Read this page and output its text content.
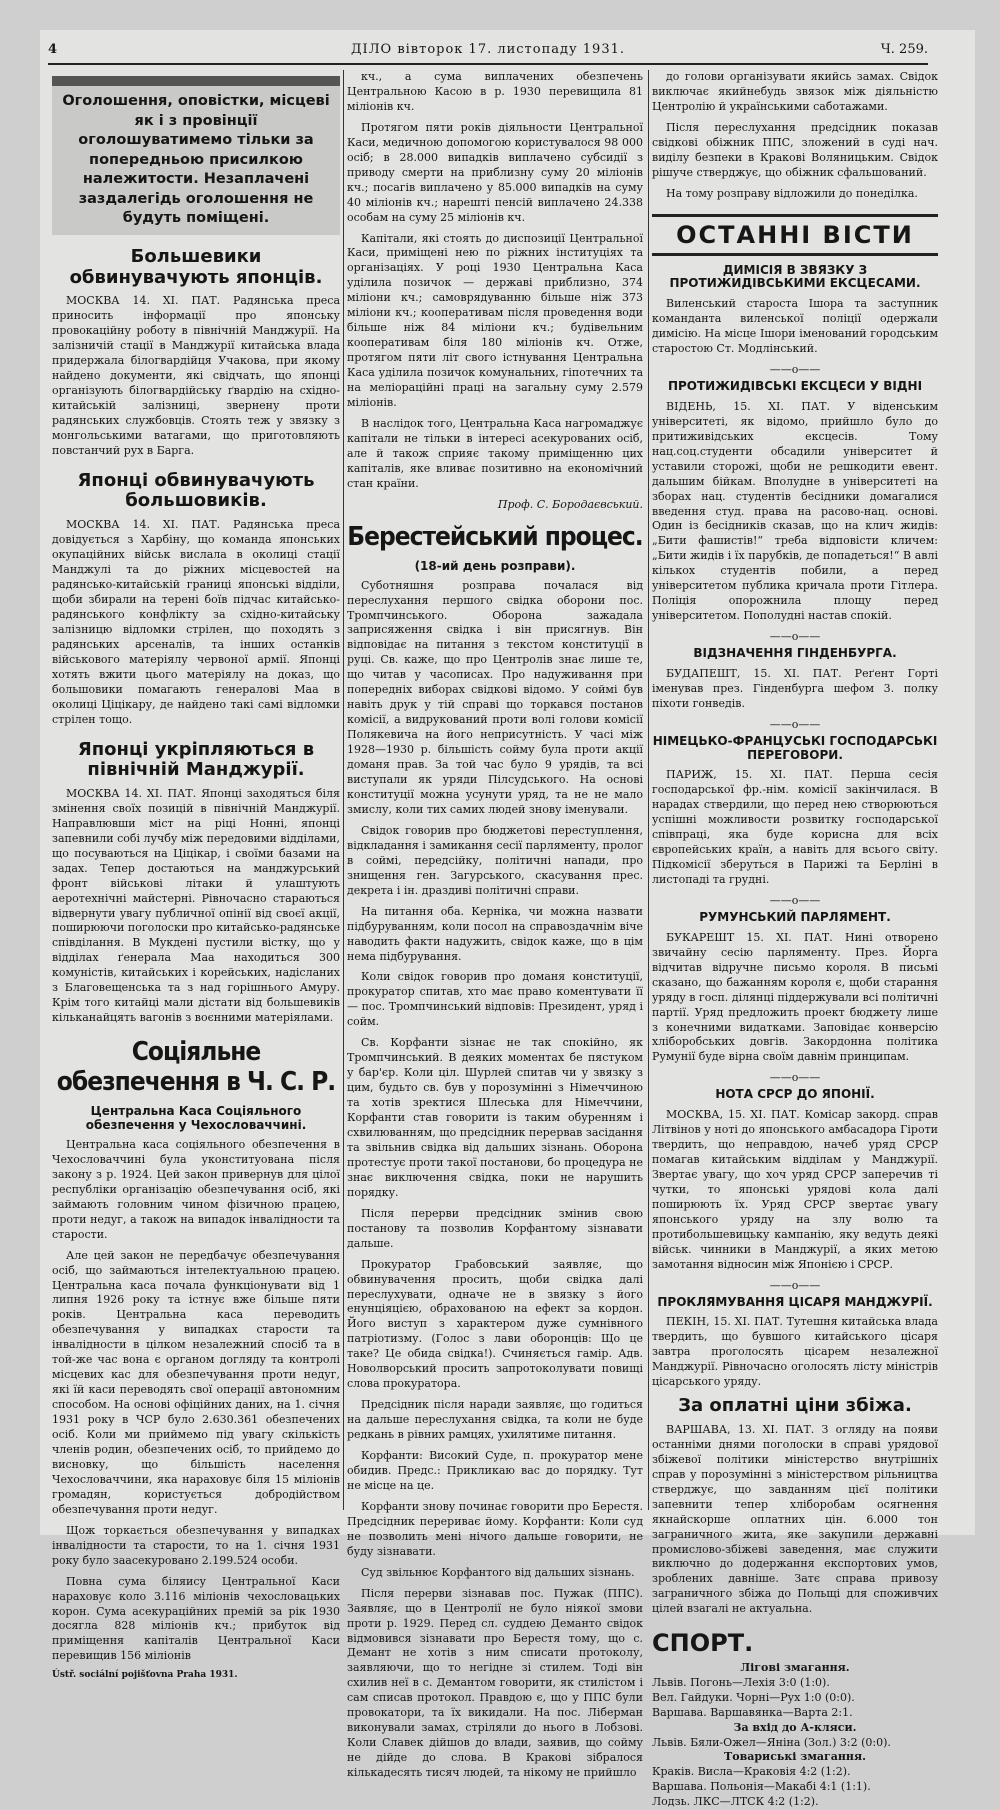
4	ДІЛО вівторок 17. листопаду 1931.	Ч. 259.
Оголошення, оповістки, місцеві як і з провінції оголошуватимемо тільки за попередньою присилкою належитости. Незаплачені заздалегідь оголошення не будуть поміщені.
Большевики обвинувачують японців.

МОСКВА 14. XI. ПАТ. Радянська преса приносить інформації про японську провокаційну роботу в північній Манджурії. На залізничій стації в Манджурії китайська влада придержала білогвардійця Учакова, при якому найдено документи, які свідчать, що японці організують білогвардійську ґвардію на східно-китайській залізниці, звернену проти радянських службовців. Стоять теж у звязку з монгольськими ватагами, що приготовляють повстанчий рух в Барга.

Японці обвинувачують большовиків.

МОСКВА 14. XI. ПАТ. Радянська преса довідується з Харбіну, що команда японських окупаційних військ вислала в околиці стації Манджулі та до ріжних місцевостей на радянсько-китайській границі японські відділи, щоби збирали на терені боїв підчас китайсько-радянського конфлікту за східно-китайську залізницю відломки стрілен, що походять з радянських арсеналів, та інших останків військового матеріялу червоної армії. Японці хотять вжити цього матеріялу на доказ, що большовики помагають генералові Маа в околиці Ціцікару, де найдено такі самі відломки стрілен тощо.

Японці укріпляються в північній Манджурії.

МОСКВА 14. XI. ПАТ. Японці заходяться біля змінення своїх позицій в північній Манджурії. Направлювши міст на ріці Нонні, японці запевнили собі лучбу між передовими відділами, що посуваються на Ціцікар, і своїми базами на задах. Тепер достаються на манджурський фронт військові літаки й улаштують аеротехнічні майстерні. Рівночасно стараються відвернути увагу публичної опінії від своєї акції, поширюючи поголоски про китайсько-радянське співділання. В Мукдені пустили вістку, що у відділах ґенерала Маа находиться 300 комуністів, китайських і корейських, надісланих з Благовещенська та з над горішнього Амуру. Крім того китайці мали дістати від большевиків кільканайцять вагонів з воєнними матеріялами.

Соціяльне обезпечення в Ч. С. Р.
Центральна Каса Соціяльного обезпечення у Чехословаччині.

Центральна каса соціяльного обезпечення в Чехословаччині була уконституована після закону з р. 1924. Цей закон привернув для цілої республіки організацію обезпечування осіб, які займають головним чином фізичною працею, проти недуг, а також на випадок інвалідности та старости.

Але цей закон не передбачує обезпечування осіб, що займаються інтелектуальною працею. Центральна каса почала функціонувати від 1 липня 1926 року та істнує вже більше пяти років. Центральна каса переводить обезпечування у випадках старости та інвалідности в цілком незалежний спосіб та в той-же час вона є органом догляду та контролі місцевих кас для обезпечування проти недуг, які їй каси переводять свої операції автономним способом. На основі офіційних даних, на 1. січня 1931 року в ЧСР було 2.630.361 обезпечених осіб. Коли ми приймемо під увагу скількість членів родин, обезпечених осіб, то прийдемо до висновку, що більшість населення Чехословаччини, яка нараховує біля 15 міліонів громадян, користується добродійством обезпечування проти недуг.

Щож торкається обезпечування у випадках інвалідности та старости, то на 1. січня 1931 року було заасекуровано 2.199.524 особи.

Повна сума біляису Центральної Каси нараховує коло 3.116 міліонів чехословацьких корон. Сума асекураційних премій за рік 1930 досягла 828 міліонів кч.; прибуток від приміщення капіталів Центральної Каси перевищив 156 міліонів

Ústř. sociální pojišťovna Praha 1931.

кч., а сума виплачених обезпечень Центральною Касою в р. 1930 перевищила 81 міліонів кч.

Протягом пяти років діяльности Центральної Каси, медичною допомогою користувалося 98 000 осіб; в 28.000 випадків виплачено субсидії з приводу смерти на приблизну суму 20 міліонів кч.; посагів виплачено у 85.000 випадків на суму 40 міліонів кч.; нарешті пенсій виплачено 24.338 особам на суму 25 міліонів кч.

Капітали, які стоять до диспозиції Центральної Каси, приміщені нею по ріжних інституціях та організаціях. У році 1930 Центральна Каса уділила позичок — державі приблизно, 374 міліони кч.; самоврядуванню більше ніж 373 міліони кч.; кооперативам після проведення води більше ніж 84 міліони кч.; будівельним кооперативам біля 180 міліонів кч. Отже, протягом пяти літ свого істнування Центральна Каса уділила позичок комунальних, гіпотечних та на меліораційні праці на загальну суму 2.579 міліонів.

В наслідок того, Центральна Каса нагромаджує капітали не тільки в інтересі асекурованих осіб, але й також сприяє такому приміщенню цих капіталів, яке вливає позитивно на економічний стан країни.

Проф. С. Бородаєвський.
Берестейський процес.
(18-ий день розправи).

Суботняшня розправа почалася від переслухання першого свідка оборони пос. Тромпчинського. Оборона зажадала заприсяження свідка і він присягнув. Він відповідає на питання з текстом конституції в руці. Св. каже, що про Центролів знає лише те, що читав у часописах. Про надуживання при попередніх виборах свідкові відомо. У соймі був навіть друк у тій справі що торкався постанов комісії, а видрукований проти волі голови комісії Полякевича на його неприсутність. У часі між 1928—1930 р. більшість сойму була проти акції доманя прав. За той час було 9 урядів, та всі виступали як уряди Пілсудського. На основі конституції можна усунути уряд, та не не мало змислу, коли тих самих людей знову іменували.

Свідок говорив про бюджетові переступлення, відкладання і замикання сесії парляменту, пролог в соймі, передсійку, політичні напади, про знищення ген. Загурського, скасування прес. декрета і ін. драздиві політичні справи.

На питання оба. Керніка, чи можна назвати підбуруванням, коли посол на справоздачнім віче наводить факти надужить, свідок каже, що в цім нема підбурування.

Коли свідок говорив про доманя конституції, прокуратор спитав, хто має право коментувати її — пос. Тромпчинський відповів: Президент, уряд і сойм.

Св. Корфанти зізнає не так спокійно, як Тромпчинський. В деяких моментах бе пястуком у бар'єр. Коли ціл. Шурлей спитав чи у звязку з цим, будьто св. був у порозумінні з Німеччиною та хотів зректися Шлеська для Німеччини, Корфанти став говорити із таким обуренням і схвилюванням, що предсідник перервав засідання та звільнив свідка від дальших зізнань. Оборона протестує проти такої постанови, бо процедура не знає виключення свідка, поки не нарушить порядку.

Після перерви предсідник змінив свою постанову та позволив Корфантому зізнавати дальше.

Прокуратор Грабовський заявляє, що обвинувачення просить, щоби свідка далі переслухувати, одначе не в звязку з його енунціяцією, обрахованою на ефект за кордон. Його виступ з характером дуже сумнівного патріотизму. (Голос з лави оборонців: Що це таке? Це обида свідка!). Счиняється гамір. Адв. Новолворський просить запротоколувати повищі слова прокуратора.

Предсідник після наради заявляє, що годиться на дальше переслухання свідка, та коли не буде редкань в рівних рамцях, ухилятиме питання.

Корфанти: Високий Суде, п. прокуратор мене обидив. Предс.: Прикликаю вас до порядку. Тут не місце на це.

Корфанти знову починає говорити про Берестя. Предсідник перериває йому. Корфанти: Коли суд не позволить мені нічого дальше говорити, не буду зізнавати.

Суд звільнює Корфантого від дальших зізнань.

Після перерви зізнавав пос. Пужак (ППС). Заявляє, що в Центролії не було ніякої змови проти р. 1929. Перед сл. суддею Деманто свідок відмовився зізнавати про Берестя тому, що с. Демант не хотів з ним списати протоколу, заявляючи, що то негідне зі стилем. Тоді він схилив неї в с. Демантом говорити, як стилістом і сам списав протокол. Правдою є, що у ППС були провокатори, та їх викидали. На пос. Ліберман виконували замах, стріляли до нього в Лобзові. Коли Славек дійшов до влади, заявив, що сойму не дійде до слова. В Кракові зібралося кількадесять тисяч людей, та нікому не прийшло

до голови організувати якийсь замах. Свідок виключає якийнебудь звязок між діяльністю Центролію й українськими саботажами.

Після переслухання предсідник показав свідкові обіжник ППС, зложений в суді нач. виділу безпеки в Кракові Воляницьким. Свідок рішуче стверджує, що обіжник сфальшований.

На тому розправу відложили до понеділка.

ОСТАННІ ВІСТИ
ДИМІСІЯ В ЗВЯЗКУ З ПРОТИЖИДІВСЬКИМИ ЕКСЦЕСАМИ.

Виленський староста Ішора та заступник команданта виленської поліції одержали димісію. На місце Ішори іменований городським старостою Ст. Модлінський.

——o——
ПРОТИЖИДІВСЬКІ ЕКСЦЕСИ У ВІДНІ

ВІДЕНЬ, 15. XI. ПАТ. У віденським університеті, як відомо, прийшло було до притиживідських ексцесів. Тому нац.соц.студенти обсадили університет й уставили сторожі, щоби не решкодити евент. дальшим бійкам. Вполудне в університеті на зборах нац. студентів бесідники домагалися введення студ. права на расово-нац. основі. Один із бесідників сказав, що на клич жидів: „Бити фашистів!“ треба відповісти кличем: „Бити жидів і їх парубків, де попадеться!“ В авлі кількох студентів побили, а перед університетом публика кричала проти Гітлера. Поліція опорожнила площу перед університетом. Пополудні настав спокій.

——o——
ВІДЗНАЧЕННЯ ГІНДЕНБУРГА.

БУДАПЕШТ, 15. XI. ПАТ. Реґент Горті іменував през. Гінденбурга шефом 3. полку піхоти гонведів.

——o——
НІМЕЦЬКО-ФРАНЦУСЬКІ ГОСПОДАРСЬКІ ПЕРЕГОВОРИ.

ПАРИЖ, 15. XI. ПАТ. Перша сесія господарської фр.-нім. комісії закінчилася. В нарадах ствердили, що перед нею створюються успішні можливости розвитку господарської співпраці, яка буде корисна для всіх європейських країн, а навіть для всього світу. Підкомісії зберуться в Парижі та Берліні в листопаді та груднi.

——o——
РУМУНСЬКИЙ ПАРЛЯМЕНТ.

БУКАРЕШТ 15. XI. ПАТ. Нині отворено звичайну сесію парляменту. През. Йорга відчитав відручне письмо короля. В письмі сказано, що бажанням короля є, щоби старання уряду в госп. ділянці піддержували всі політичні партії. Уряд предложить проект бюджету лише з конечними видатками. Заповідає конверсію хліборобських довгів. Закордонна політика Румунії буде вірна своїм давнім принципам.

——o——
НОТА СРСР ДО ЯПОНІЇ.

МОСКВА, 15. XI. ПАТ. Комісар закорд. справ Літвінов у ноті до японського амбасадора Гіроти твердить, що неправдою, начеб уряд СРСР помагав китайським відділам у Манджурії. Звертає увагу, що хоч уряд СРСР заперечив ті чутки, то японські урядові кола далі поширюють їх. Уряд СРСР звертає увагу японського уряду на злу волю та протибольшевицьку кампанію, яку ведуть деякі військ. чинники в Манджурії, а яких метою замотання відносин між Японією і СРСР.

——o——
ПРОКЛЯМУВАННЯ ЦІСАРЯ МАНДЖУРІЇ.

ПЕКІН, 15. XI. ПАТ. Тутешня китайська влада твердить, що бувшого китайського цісаря завтра проголосять цісарем незалежної Манджурії. Рівночасно оголосять лісту міністрів цісарського уряду.

За оплатні ціни збіжа.

ВАРШАВА, 13. XI. ПАТ. З огляду на появи останніми днями поголоски в справі урядової збіжевої політики міністерство внутрішніх справ у порозумінні з міністерством рільництва стверджує, що завданням цієї політики запевнити тепер хліборобам осягнення якнайскорше оплатних цін. 6.000 тон заграничного жита, яке закупили державні промислово-збіжеві заведення, має служити виключно до додержання експортових умов, зроблених давніше. Затє справа привозу заграничного збіжа до Польщі для споживчих цілей взагалі не актуальна.

СПОРТ.
Лігові змагання.
Львів. Погонь—Лехія 3:0 (1:0).
Вел. Гайдуки. Чорні—Рух 1:0 (0:0).
Варшава. Варшавянка—Варта 2:1.
За вхід до А-кляси.
Львів. Бяли-Ожел—Яніна (Зол.) 3:2 (0:0).
Товариські змагання.
Краків. Висла—Краковія 4:2 (1:2).
Варшава. Польонія—Макабі 4:1 (1:1).
Лодзь. ЛКС—ЛТСК 4:2 (1:2).
